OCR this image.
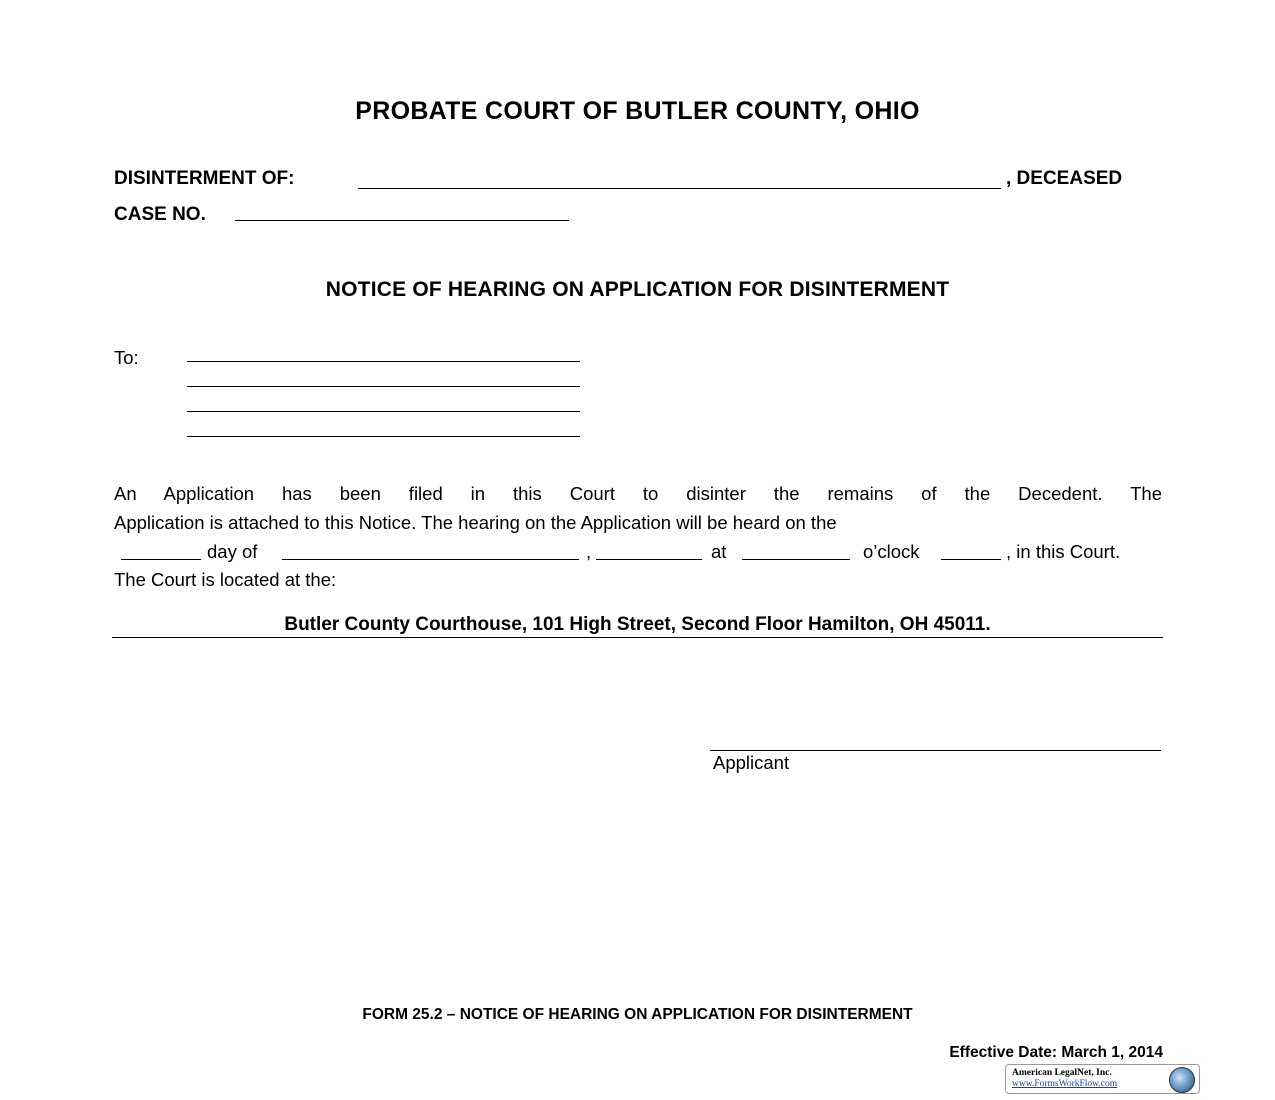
PROBATE COURT OF BUTLER COUNTY, OHIO
DISINTERMENT OF:	, DECEASED
CASE NO.
NOTICE OF HEARING ON APPLICATION FOR DISINTERMENT
To:
An Application has been filed in this Court to disinter the remains of the Decedent. The
Application is attached to this Notice. The hearing on the Application will be heard on the
day of	,	at	o’clock	, in this Court.
The Court is located at the:
Butler County Courthouse, 101 High Street, Second Floor Hamilton, OH 45011.
Applicant
FORM 25.2 – NOTICE OF HEARING ON APPLICATION FOR DISINTERMENT
Effective Date: March 1, 2014
American LegalNet, Inc.
www.FormsWorkFlow.com
